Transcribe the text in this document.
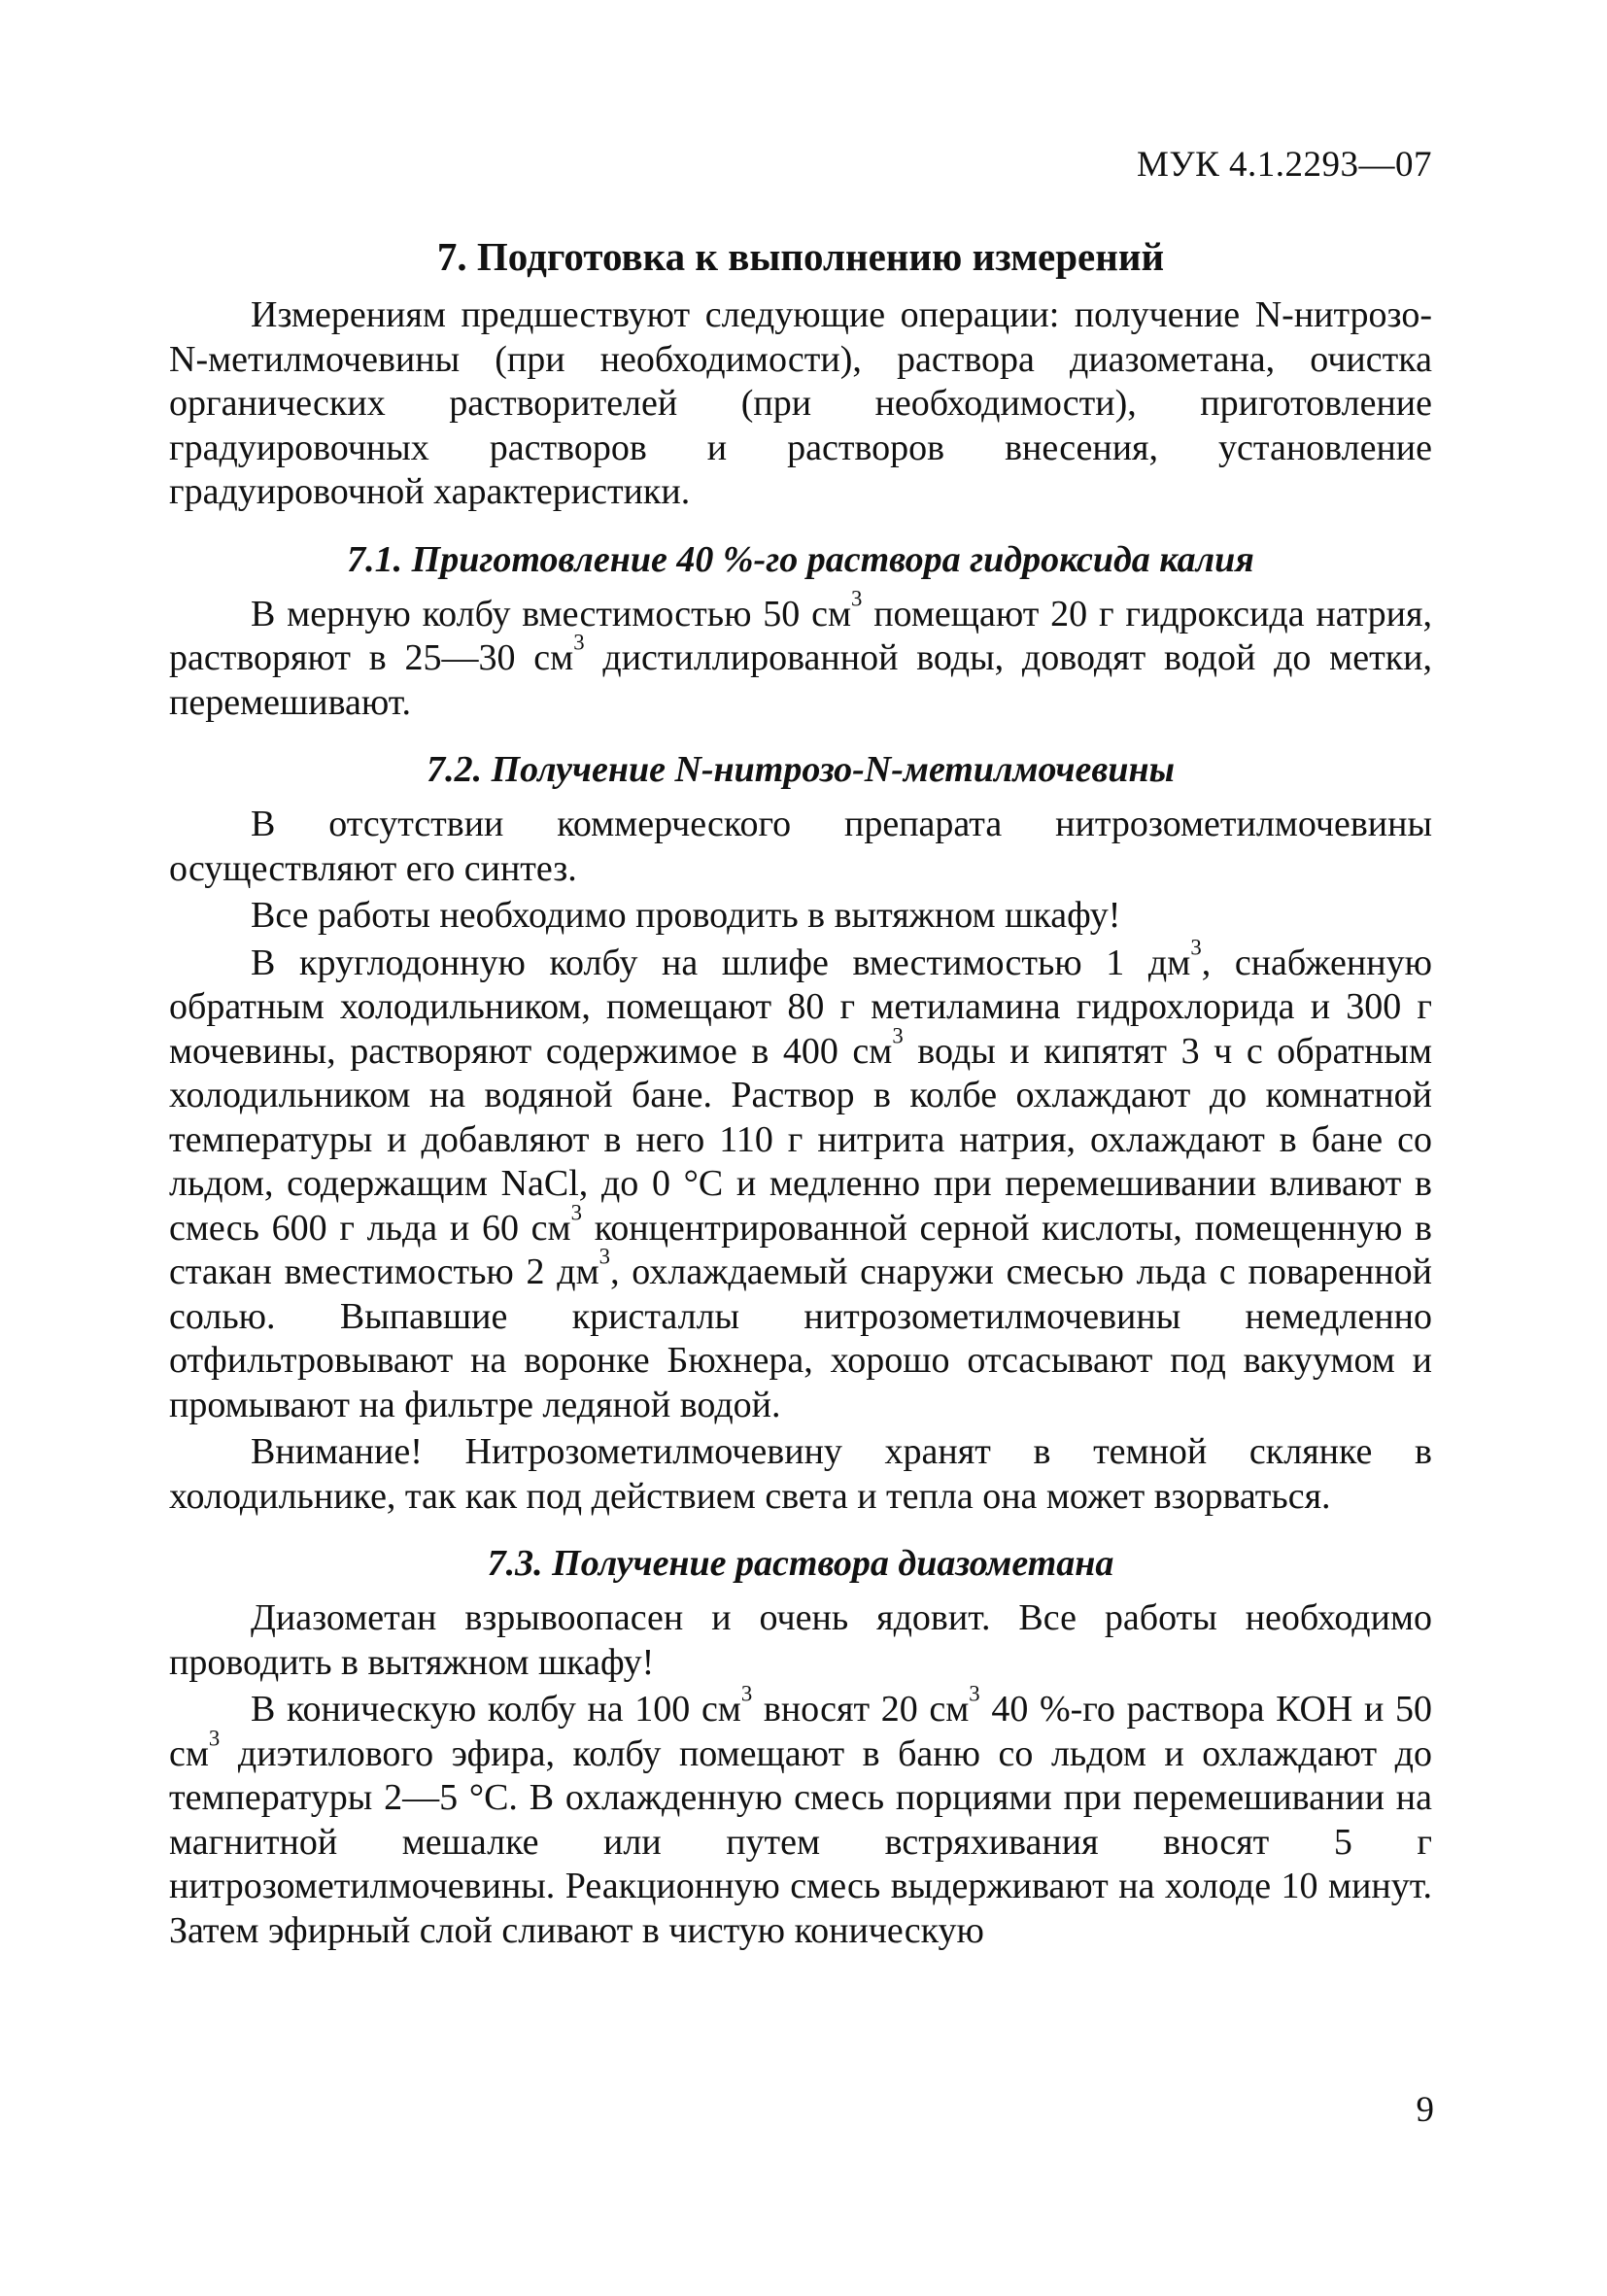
МУК 4.1.2293—07
7. Подготовка к выполнению измерений

Измерениям предшествуют следующие операции: получение N-нитрозо-N-метилмочевины (при необходимости), раствора диазометана, очистка органических растворителей (при необходимости), приготовление градуировочных растворов и растворов внесения, установление градуировочной характеристики.

7.1. Приготовление 40 %-го раствора гидроксида калия

В мерную колбу вместимостью 50 $см^3$ помещают 20 г гидроксида натрия, растворяют в 25—30 $см^3$ дистиллированной воды, доводят водой до метки, перемешивают.

7.2. Получение N-нитрозо-N-метилмочевины

В отсутствии коммерческого препарата нитрозометилмочевины осуществляют его синтез.

Все работы необходимо проводить в вытяжном шкафу!

В круглодонную колбу на шлифе вместимостью 1 $дм^3$, снабженную обратным холодильником, помещают 80 г метиламина гидрохлорида и 300 г мочевины, растворяют содержимое в 400 $см^3$ воды и кипятят 3 ч с обратным холодильником на водяной бане. Раствор в колбе охлаждают до комнатной температуры и добавляют в него 110 г нитрита натрия, охлаждают в бане со льдом, содержащим NaCl, до 0 °С и медленно при перемешивании вливают в смесь 600 г льда и 60 $см^3$ концентрированной серной кислоты, помещенную в стакан вместимостью 2 $дм^3$, охлаждаемый снаружи смесью льда с поваренной солью. Выпавшие кристаллы нитрозометилмочевины немедленно отфильтровывают на воронке Бюхнера, хорошо отсасывают под вакуумом и промывают на фильтре ледяной водой.

Внимание! Нитрозометилмочевину хранят в темной склянке в холодильнике, так как под действием света и тепла она может взорваться.

7.3. Получение раствора диазометана

Диазометан взрывоопасен и очень ядовит. Все работы необходимо проводить в вытяжном шкафу!

В коническую колбу на 100 $см^3$ вносят 20 $см^3$ 40 %-го раствора КОН и 50 $см^3$ диэтилового эфира, колбу помещают в баню со льдом и охлаждают до температуры 2—5 °С. В охлажденную смесь порциями при перемешивании на магнитной мешалке или путем встряхивания вносят 5 г нитрозометилмочевины. Реакционную смесь выдерживают на холоде 10 минут. Затем эфирный слой сливают в чистую коническую

9
